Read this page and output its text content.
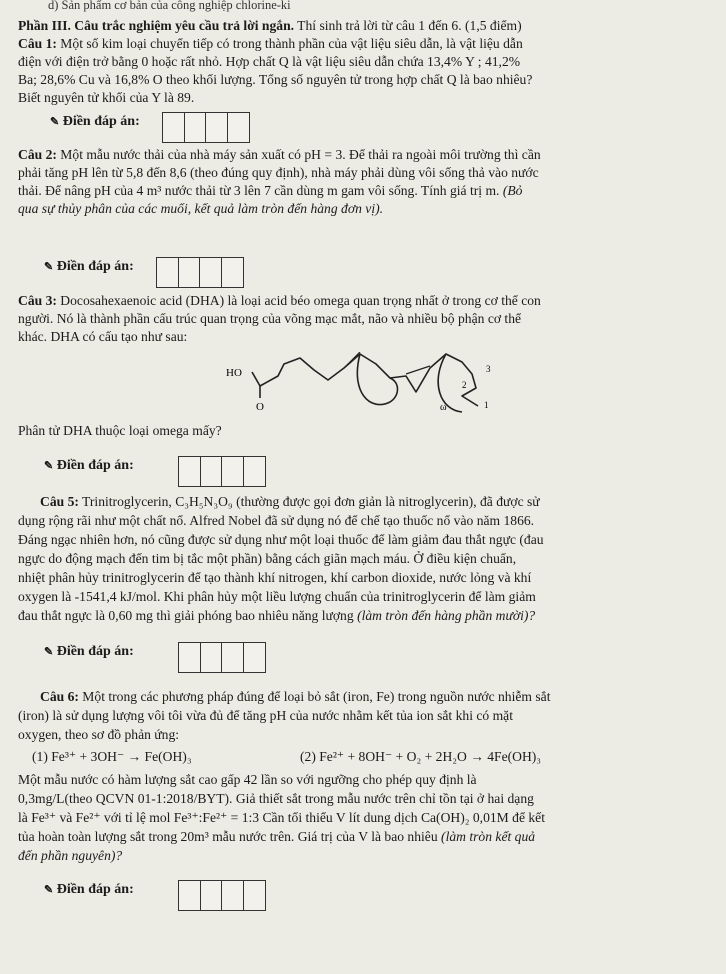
d) Sản phẩm cơ bản của công nghiệp chlorine-ki
Phần III. Câu trắc nghiệm yêu cầu trả lời ngắn. Thí sinh trả lời từ câu 1 đến 6. (1,5 điểm)
Câu 1: Một số kim loại chuyển tiếp có trong thành phần của vật liệu siêu dẫn, là vật liệu dẫn
điện với điện trở bằng 0 hoặc rất nhỏ. Hợp chất Q là vật liệu siêu dẫn chứa 13,4% Y ; 41,2%
Ba; 28,6% Cu và 16,8% O theo khối lượng. Tổng số nguyên tử trong hợp chất Q là bao nhiêu?
Biết nguyên tử khối của Y là 89.
✎ Điền đáp án:
Câu 2: Một mẫu nước thải của nhà máy sản xuất có pH = 3. Để thải ra ngoài môi trường thì cần
phải tăng pH lên từ 5,8 đến 8,6 (theo đúng quy định), nhà máy phải dùng vôi sống thả vào nước
thải. Để nâng pH của 4 m³ nước thải từ 3 lên 7 cần dùng m gam vôi sống. Tính giá trị m. (Bỏ
qua sự thủy phân của các muối, kết quả làm tròn đến hàng đơn vị).
✎ Điền đáp án:
Câu 3: Docosahexaenoic acid (DHA) là loại acid béo omega quan trọng nhất ở trong cơ thể con
người. Nó là thành phần cấu trúc quan trọng của võng mạc mắt, não và nhiều bộ phận cơ thể
khác. DHA có cấu tạo như sau:
HO
O
3
2
ω	1
Phân tử DHA thuộc loại omega mấy?
✎ Điền đáp án:
Câu 5: Trinitroglycerin, C₃H₅N₃O₉ (thường được gọi đơn giản là nitroglycerin), đã được sử
dụng rộng rãi như một chất nổ. Alfred Nobel đã sử dụng nó để chế tạo thuốc nổ vào năm 1866.
Đáng ngạc nhiên hơn, nó cũng được sử dụng như một loại thuốc để làm giảm đau thắt ngực (đau
ngực do động mạch đến tim bị tắc một phần) bằng cách giãn mạch máu. Ở điều kiện chuẩn,
nhiệt phân hủy trinitroglycerin để tạo thành khí nitrogen, khí carbon dioxide, nước lỏng và khí
oxygen là -1541,4 kJ/mol. Khi phân hủy một liều lượng chuẩn của trinitroglycerin để làm giảm
đau thắt ngực là 0,60 mg thì giải phóng bao nhiêu năng lượng (làm tròn đến hàng phần mười)?
✎ Điền đáp án:
Câu 6: Một trong các phương pháp đúng để loại bỏ sắt (iron, Fe) trong nguồn nước nhiễm sắt
(iron) là sử dụng lượng vôi tôi vừa đủ để tăng pH của nước nhằm kết tủa ion sắt khi có mặt
oxygen, theo sơ đồ phản ứng:
(1) Fe³⁺ + 3OH⁻ → Fe(OH)₃	(2) Fe²⁺ + 8OH⁻ + O₂ + 2H₂O → 4Fe(OH)₃
Một mẫu nước có hàm lượng sắt cao gấp 42 lần so với ngưỡng cho phép quy định là
0,3mg/L(theo QCVN 01-1:2018/BYT). Giả thiết sắt trong mẫu nước trên chỉ tồn tại ở hai dạng
là Fe³⁺ và Fe²⁺ với tỉ lệ mol Fe³⁺:Fe²⁺ = 1:3 Cần tối thiểu V lít dung dịch Ca(OH)₂ 0,01M để kết
tủa hoàn toàn lượng sắt trong 20m³ mẫu nước trên. Giá trị của V là bao nhiêu (làm tròn kết quả
đến phần nguyên)?
✎ Điền đáp án:
